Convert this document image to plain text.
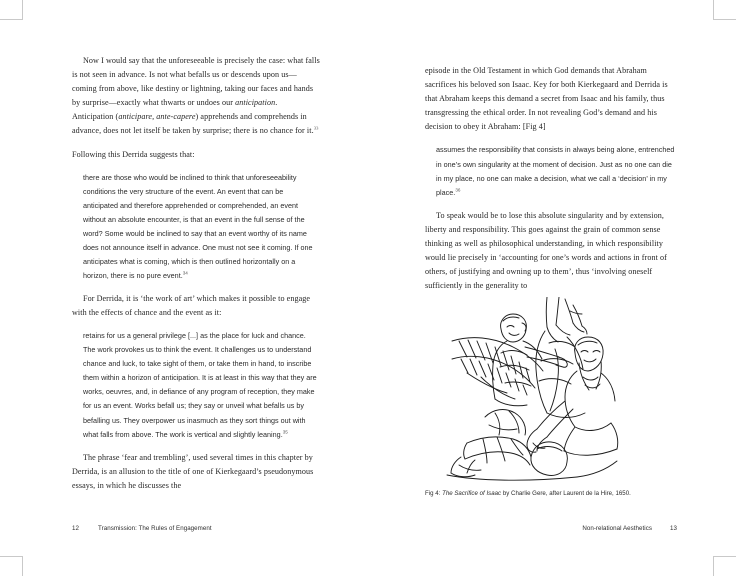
Now I would say that the unforeseeable is precisely the case: what falls is not seen in advance. Is not what befalls us or descends upon us—coming from above, like destiny or lightning, taking our faces and hands by surprise—exactly what thwarts or undoes our anticipation. Anticipation (anticipare, ante-capere) apprehends and comprehends in advance, does not let itself be taken by surprise; there is no chance for it.$^{33}$

Following this Derrida suggests that:

there are those who would be inclined to think that unforeseeability conditions the very structure of the event. An event that can be anticipated and therefore apprehended or comprehended, an event without an absolute encounter, is that an event in the full sense of the word? Some would be inclined to say that an event worthy of its name does not announce itself in advance. One must not see it coming. If one anticipates what is coming, which is then outlined horizontally on a horizon, there is no pure event.$^{34}$

For Derrida, it is ‘the work of art’ which makes it possible to engage with the effects of chance and the event as it:

retains for us a general privilege [...] as the place for luck and chance. The work provokes us to think the event. It challenges us to understand chance and luck, to take sight of them, or take them in hand, to inscribe them within a horizon of anticipation. It is at least in this way that they are works, oeuvres, and, in defiance of any program of reception, they make for us an event. Works befall us; they say or unveil what befalls us by befalling us. They overpower us inasmuch as they sort things out with what falls from above. The work is vertical and slightly leaning.$^{35}$

The phrase ‘fear and trembling’, used several times in this chapter by Derrida, is an allusion to the title of one of Kierkegaard’s pseudonymous essays, in which he discusses the

12	Transmission: The Rules of Engagement

episode in the Old Testament in which God demands that Abraham sacrifices his beloved son Isaac. Key for both Kierkegaard and Derrida is that Abraham keeps this demand a secret from Isaac and his family, thus transgressing the ethical order. In not revealing God’s demand and his decision to obey it Abraham: [Fig 4]

assumes the responsibility that consists in always being alone, entrenched in one’s own singularity at the moment of decision. Just as no one can die in my place, no one can make a decision, what we call a ‘decision’ in my place.$^{36}$

To speak would be to lose this absolute singularity and by extension, liberty and responsibility. This goes against the grain of common sense thinking as well as philosophical understanding, in which responsibility would lie precisely in ‘accounting for one’s words and actions in front of others, of justifying and owning up to them’, thus ‘involving oneself sufficiently in the generality to

Fig 4: The Sacrifice of Isaac by Charlie Gere, after Laurent de la Hire, 1650.
Non-relational Aesthetics	13
